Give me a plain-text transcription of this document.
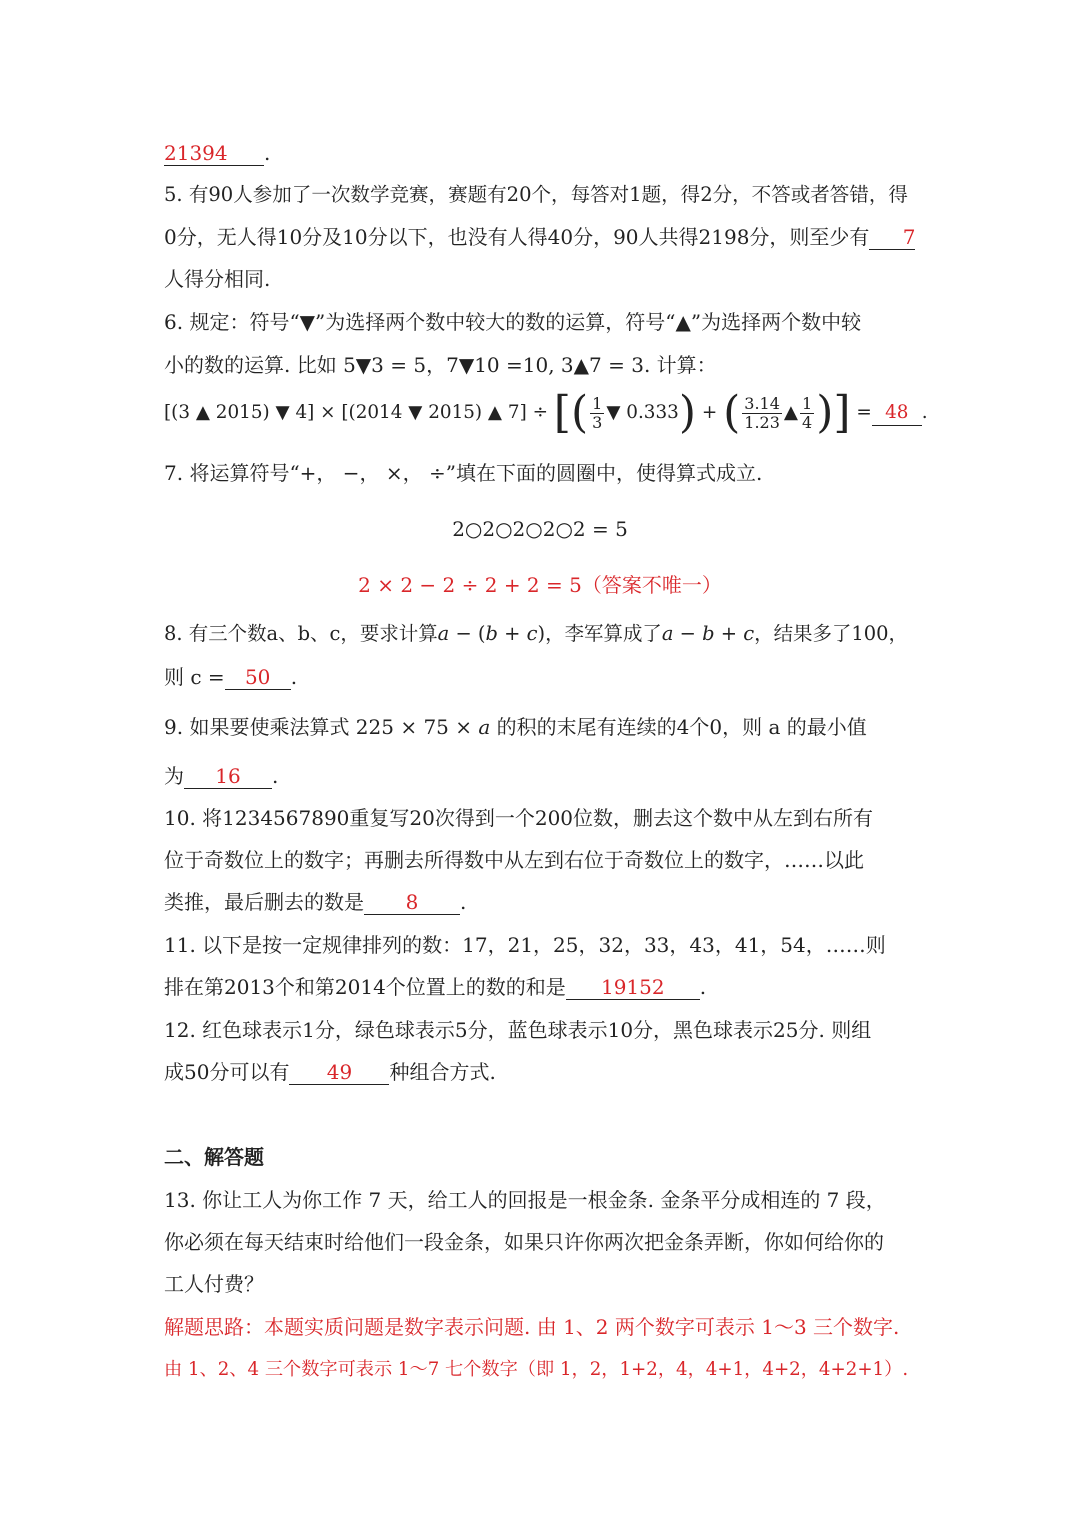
21394 .
5. 有90人参加了一次数学竞赛，赛题有20个，每答对1题，得2分，不答或者答错，得
0分，无人得10分及10分以下，也没有人得40分，90人共得2198分，则至少有 7
人得分相同.
6. 规定：符号“▼”为选择两个数中较大的数的运算，符号“▲”为选择两个数中较
小的数的运算. 比如 5▼3 = 5，7▼10 =10, 3▲7 = 3. 计算：
[(3 ▲ 2015) ▼ 4] × [(2014 ▼ 2015) ▲ 7] ÷ [( $\frac{1}{3}$ ▼ 0.333) + ( $\frac{3.14}{1.23}$ ▲ $\frac{1}{4}$ )] = 48 .
7. 将运算符号“+， −， ×， ÷”填在下面的圆圈中，使得算式成立.
2○2○2○2○2 = 5
2 × 2 − 2 ÷ 2 + 2 = 5（答案不唯一）
8. 有三个数a、b、c，要求计算𝑎 − (𝑏 + 𝑐)，李军算成了𝑎 − 𝑏 + 𝑐，结果多了100，
则 c = 50 .
9. 如果要使乘法算式 225 × 75 × 𝑎 的积的末尾有连续的4个0，则 a 的最小值
为 16 .
10. 将1234567890重复写20次得到一个200位数，删去这个数中从左到右所有
位于奇数位上的数字；再删去所得数中从左到右位于奇数位上的数字，……以此
类推，最后删去的数是 8 .
11. 以下是按一定规律排列的数：17，21，25，32，33，43，41，54，……则
排在第2013个和第2014个位置上的数的和是 19152 .
12. 红色球表示1分，绿色球表示5分，蓝色球表示10分，黑色球表示25分. 则组
成50分可以有 49 种组合方式.
二、解答题
13. 你让工人为你工作 7 天，给工人的回报是一根金条. 金条平分成相连的 7 段，
你必须在每天结束时给他们一段金条，如果只许你两次把金条弄断，你如何给你的
工人付费？
解题思路：本题实质问题是数字表示问题. 由 1、2 两个数字可表示 1～3 三个数字.
由 1、2、4 三个数字可表示 1～7 七个数字（即 1，2，1+2，4，4+1，4+2，4+2+1）.
